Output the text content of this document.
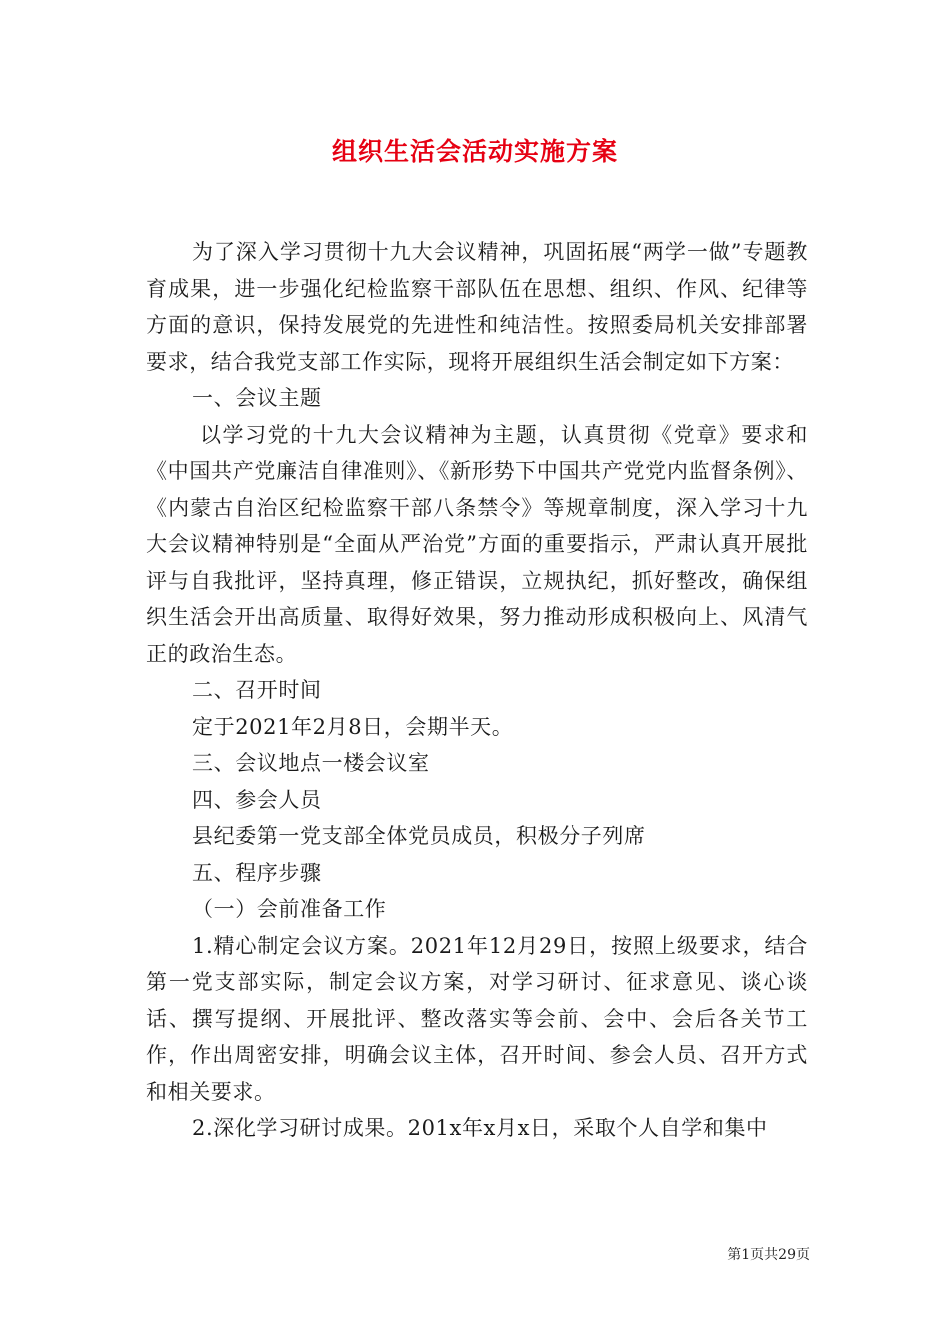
组织生活会活动实施方案

为了深入学习贯彻十九大会议精神，巩固拓展“两学一做”专题教育成果，进一步强化纪检监察干部队伍在思想、组织、作风、纪律等方面的意识，保持发展党的先进性和纯洁性。按照委局机关安排部署要求，结合我党支部工作实际，现将开展组织生活会制定如下方案：

一、会议主题

以学习党的十九大会议精神为主题，认真贯彻《党章》要求和《中国共产党廉洁自律准则》、《新形势下中国共产党党内监督条例》、《内蒙古自治区纪检监察干部八条禁令》等规章制度，深入学习十九大会议精神特别是“全面从严治党”方面的重要指示，严肃认真开展批评与自我批评，坚持真理，修正错误，立规执纪，抓好整改，确保组织生活会开出高质量、取得好效果，努力推动形成积极向上、风清气正的政治生态。

二、召开时间

定于2021年2月8日，会期半天。

三、会议地点一楼会议室

四、参会人员

县纪委第一党支部全体党员成员，积极分子列席

五、程序步骤

（一）会前准备工作

1.精心制定会议方案。2021年12月29日，按照上级要求，结合第一党支部实际，制定会议方案，对学习研讨、征求意见、谈心谈话、撰写提纲、开展批评、整改落实等会前、会中、会后各关节工作，作出周密安排，明确会议主体，召开时间、参会人员、召开方式和相关要求。

2.深化学习研讨成果。201x年x月x日，采取个人自学和集中

第1页共29页
